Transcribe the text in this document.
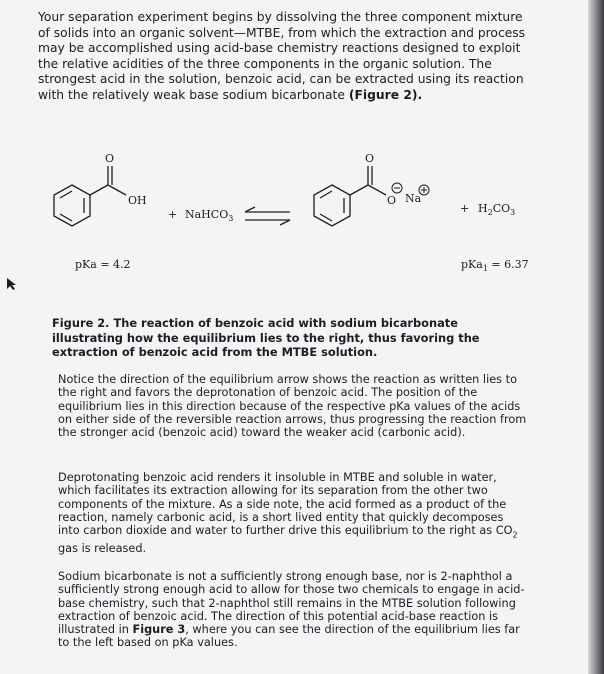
Your separation experiment begins by dissolving the three component mixture of solids into an organic solvent—MTBE, from which the extraction and process may be accomplished using acid-base chemistry reactions designed to exploit the relative acidities of the three components in the organic solution. The strongest acid in the solution, benzoic acid, can be extracted using its reaction with the relatively weak base sodium bicarbonate (Figure 2).
O
OH
+ NaHCO$_3$
O
O Na
+ $H_2CO_3$
pKa = 4.2	pKa$_1$ = 6.37
Figure 2. The reaction of benzoic acid with sodium bicarbonate illustrating how the equilibrium lies to the right, thus favoring the extraction of benzoic acid from the MTBE solution.
Notice the direction of the equilibrium arrow shows the reaction as written lies to the right and favors the deprotonation of benzoic acid. The position of the equilibrium lies in this direction because of the respective pKa values of the acids on either side of the reversible reaction arrows, thus progressing the reaction from the stronger acid (benzoic acid) toward the weaker acid (carbonic acid).
Deprotonating benzoic acid renders it insoluble in MTBE and soluble in water, which facilitates its extraction allowing for its separation from the other two components of the mixture. As a side note, the acid formed as a product of the reaction, namely carbonic acid, is a short lived entity that quickly decomposes into carbon dioxide and water to further drive this equilibrium to the right as $CO_2$ gas is released.
Sodium bicarbonate is not a sufficiently strong enough base, nor is 2-naphthol a sufficiently strong enough acid to allow for those two chemicals to engage in acid-base chemistry, such that 2-naphthol still remains in the MTBE solution following extraction of benzoic acid. The direction of this potential acid-base reaction is illustrated in Figure 3, where you can see the direction of the equilibrium lies far to the left based on pKa values.
